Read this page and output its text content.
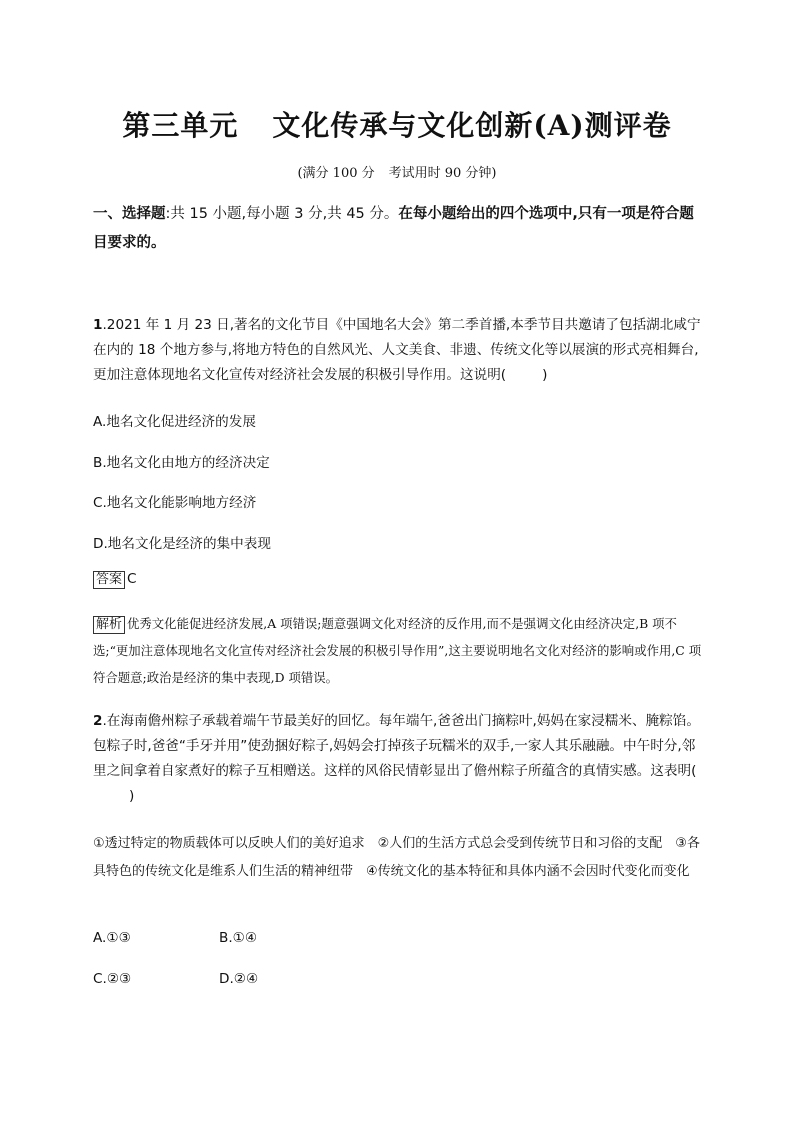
第三单元 文化传承与文化创新(A)测评卷
(满分 100 分 考试用时 90 分钟)
一、选择题:共 15 小题,每小题 3 分,共 45 分。在每小题给出的四个选项中,只有一项是符合题目要求的。
1.2021 年 1 月 23 日,著名的文化节目《中国地名大会》第二季首播,本季节目共邀请了包括湖北咸宁在内的 18 个地方参与,将地方特色的自然风光、人文美食、非遗、传统文化等以展演的形式亮相舞台,更加注意体现地名文化宣传对经济社会发展的积极引导作用。这说明(	)
A.地名文化促进经济的发展
B.地名文化由地方的经济决定
C.地名文化能影响地方经济
D.地名文化是经济的集中表现
答案 C
解析 优秀文化能促进经济发展,A 项错误;题意强调文化对经济的反作用,而不是强调文化由经济决定,B 项不选;“更加注意体现地名文化宣传对经济社会发展的积极引导作用”,这主要说明地名文化对经济的影响或作用,C 项符合题意;政治是经济的集中表现,D 项错误。
2.在海南儋州粽子承载着端午节最美好的回忆。每年端午,爸爸出门摘粽叶,妈妈在家浸糯米、腌粽馅。包粽子时,爸爸“手牙并用”使劲捆好粽子,妈妈会打掉孩子玩糯米的双手,一家人其乐融融。中午时分,邻里之间拿着自家煮好的粽子互相赠送。这样的风俗民情彰显出了儋州粽子所蕴含的真情实感。这表明()
①透过特定的物质载体可以反映人们的美好追求　②人们的生活方式总会受到传统节日和习俗的支配　③各具特色的传统文化是维系人们生活的精神纽带　④传统文化的基本特征和具体内涵不会因时代变化而变化
A.①③	B.①④
C.②③	D.②④
